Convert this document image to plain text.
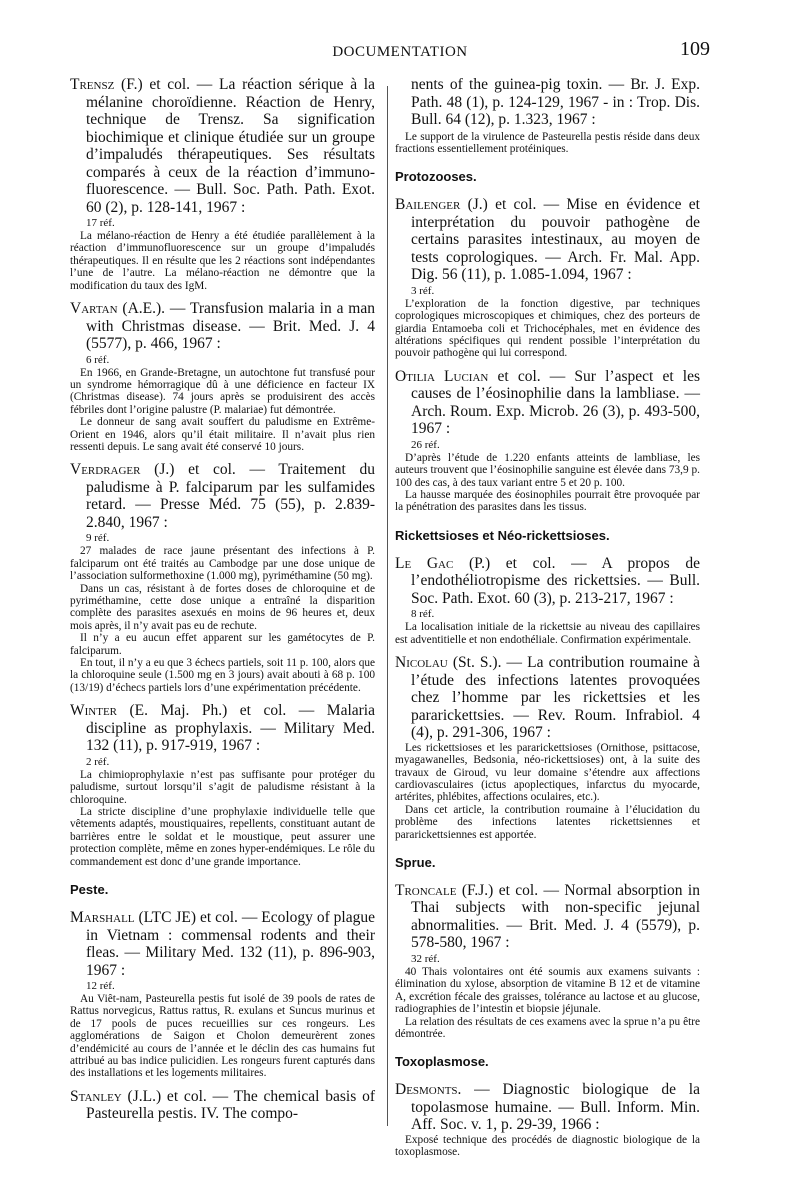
DOCUMENTATION	109

Trensz (F.) et col. — La réaction sérique à la mélanine choroïdienne. Réaction de Henry, technique de Trensz. Sa signification biochimique et clinique étudiée sur un groupe d’impaludés thérapeutiques. Ses résultats comparés à ceux de la réaction d’immuno-fluorescence. — Bull. Soc. Path. Path. Exot. 60 (2), p. 128-141, 1967 :

17 réf.

La mélano-réaction de Henry a été étudiée parallèlement à la réaction d’immunofluorescence sur un groupe d’impaludés thérapeutiques. Il en résulte que les 2 réactions sont indépendantes l’une de l’autre. La mélano-réaction ne démontre que la modification du taux des IgM.

Vartan (A.E.). — Transfusion malaria in a man with Christmas disease. — Brit. Med. J. 4 (5577), p. 466, 1967 :

6 réf.

En 1966, en Grande-Bretagne, un autochtone fut transfusé pour un syndrome hémorragique dû à une déficience en facteur IX (Christmas disease). 74 jours après se produisirent des accès fébriles dont l’origine palustre (P. malariae) fut démontrée.

Le donneur de sang avait souffert du paludisme en Extrême-Orient en 1946, alors qu’il était militaire. Il n’avait plus rien ressenti depuis. Le sang avait été conservé 10 jours.

Verdrager (J.) et col. — Traitement du paludisme à P. falciparum par les sulfamides retard. — Presse Méd. 75 (55), p. 2.839-2.840, 1967 :

9 réf.

27 malades de race jaune présentant des infections à P. falciparum ont été traités au Cambodge par une dose unique de l’association sulformethoxine (1.000 mg), pyriméthamine (50 mg).

Dans un cas, résistant à de fortes doses de chloroquine et de pyriméthamine, cette dose unique a entraîné la disparition complète des parasites asexués en moins de 96 heures et, deux mois après, il n’y avait pas eu de rechute.

Il n’y a eu aucun effet apparent sur les gamétocytes de P. falciparum.

En tout, il n’y a eu que 3 échecs partiels, soit 11 p. 100, alors que la chloroquine seule (1.500 mg en 3 jours) avait abouti à 68 p. 100 (13/19) d’échecs partiels lors d’une expérimentation précédente.

Winter (E. Maj. Ph.) et col. — Malaria discipline as prophylaxis. — Military Med. 132 (11), p. 917-919, 1967 :

2 réf.

La chimioprophylaxie n’est pas suffisante pour protéger du paludisme, surtout lorsqu’il s’agit de paludisme résistant à la chloroquine.

La stricte discipline d’une prophylaxie individuelle telle que vêtements adaptés, moustiquaires, repellents, constituant autant de barrières entre le soldat et le moustique, peut assurer une protection complète, même en zones hyper-endémiques. Le rôle du commandement est donc d’une grande importance.

Peste.

Marshall (LTC JE) et col. — Ecology of plague in Vietnam : commensal rodents and their fleas. — Military Med. 132 (11), p. 896-903, 1967 :

12 réf.

Au Viêt-nam, Pasteurella pestis fut isolé de 39 pools de rates de Rattus norvegicus, Rattus rattus, R. exulans et Suncus murinus et de 17 pools de puces recueillies sur ces rongeurs. Les agglomérations de Saigon et Cholon demeurèrent zones d’endémicité au cours de l’année et le déclin des cas humains fut attribué au bas indice pulicidien. Les rongeurs furent capturés dans des installations et les logements militaires.

Stanley (J.L.) et col. — The chemical basis of Pasteurella pestis. IV. The compo-

nents of the guinea-pig toxin. — Br. J. Exp. Path. 48 (1), p. 124-129, 1967 - in : Trop. Dis. Bull. 64 (12), p. 1.323, 1967 :

Le support de la virulence de Pasteurella pestis réside dans deux fractions essentiellement protéiniques.

Protozooses.

Bailenger (J.) et col. — Mise en évidence et interprétation du pouvoir pathogène de certains parasites intestinaux, au moyen de tests coprologiques. — Arch. Fr. Mal. App. Dig. 56 (11), p. 1.085-1.094, 1967 :

3 réf.

L’exploration de la fonction digestive, par techniques coprologiques microscopiques et chimiques, chez des porteurs de giardia Entamoeba coli et Trichocéphales, met en évidence des altérations spécifiques qui rendent possible l’interprétation du pouvoir pathogène qui lui correspond.

Otilia Lucian et col. — Sur l’aspect et les causes de l’éosinophilie dans la lambliase. — Arch. Roum. Exp. Microb. 26 (3), p. 493-500, 1967 :

26 réf.

D’après l’étude de 1.220 enfants atteints de lambliase, les auteurs trouvent que l’éosinophilie sanguine est élevée dans 73,9 p. 100 des cas, à des taux variant entre 5 et 20 p. 100.

La hausse marquée des éosinophiles pourrait être provoquée par la pénétration des parasites dans les tissus.

Rickettsioses et Néo-rickettsioses.

Le Gac (P.) et col. — A propos de l’endothéliotropisme des rickettsies. — Bull. Soc. Path. Exot. 60 (3), p. 213-217, 1967 :

8 réf.

La localisation initiale de la rickettsie au niveau des capillaires est adventitielle et non endothéliale. Confirmation expérimentale.

Nicolau (St. S.). — La contribution roumaine à l’étude des infections latentes provoquées chez l’homme par les rickettsies et les pararickettsies. — Rev. Roum. Infrabiol. 4 (4), p. 291-306, 1967 :

Les rickettsioses et les pararickettsioses (Ornithose, psittacose, myagawanelles, Bedsonia, néo-rickettsioses) ont, à la suite des travaux de Giroud, vu leur domaine s’étendre aux affections cardiovasculaires (ictus apoplectiques, infarctus du myocarde, artérites, phlébites, affections oculaires, etc.).

Dans cet article, la contribution roumaine à l’élucidation du problème des infections latentes rickettsiennes et pararickettsiennes est apportée.

Sprue.

Troncale (F.J.) et col. — Normal absorption in Thai subjects with non-specific jejunal abnormalities. — Brit. Med. J. 4 (5579), p. 578-580, 1967 :

32 réf.

40 Thais volontaires ont été soumis aux examens suivants : élimination du xylose, absorption de vitamine B 12 et de vitamine A, excrétion fécale des graisses, tolérance au lactose et au glucose, radiographies de l’intestin et biopsie jéjunale.

La relation des résultats de ces examens avec la sprue n’a pu être démontrée.

Toxoplasmose.

Desmonts. — Diagnostic biologique de la topolasmose humaine. — Bull. Inform. Min. Aff. Soc. v. 1, p. 29-39, 1966 :

Exposé technique des procédés de diagnostic biologique de la toxoplasmose.
